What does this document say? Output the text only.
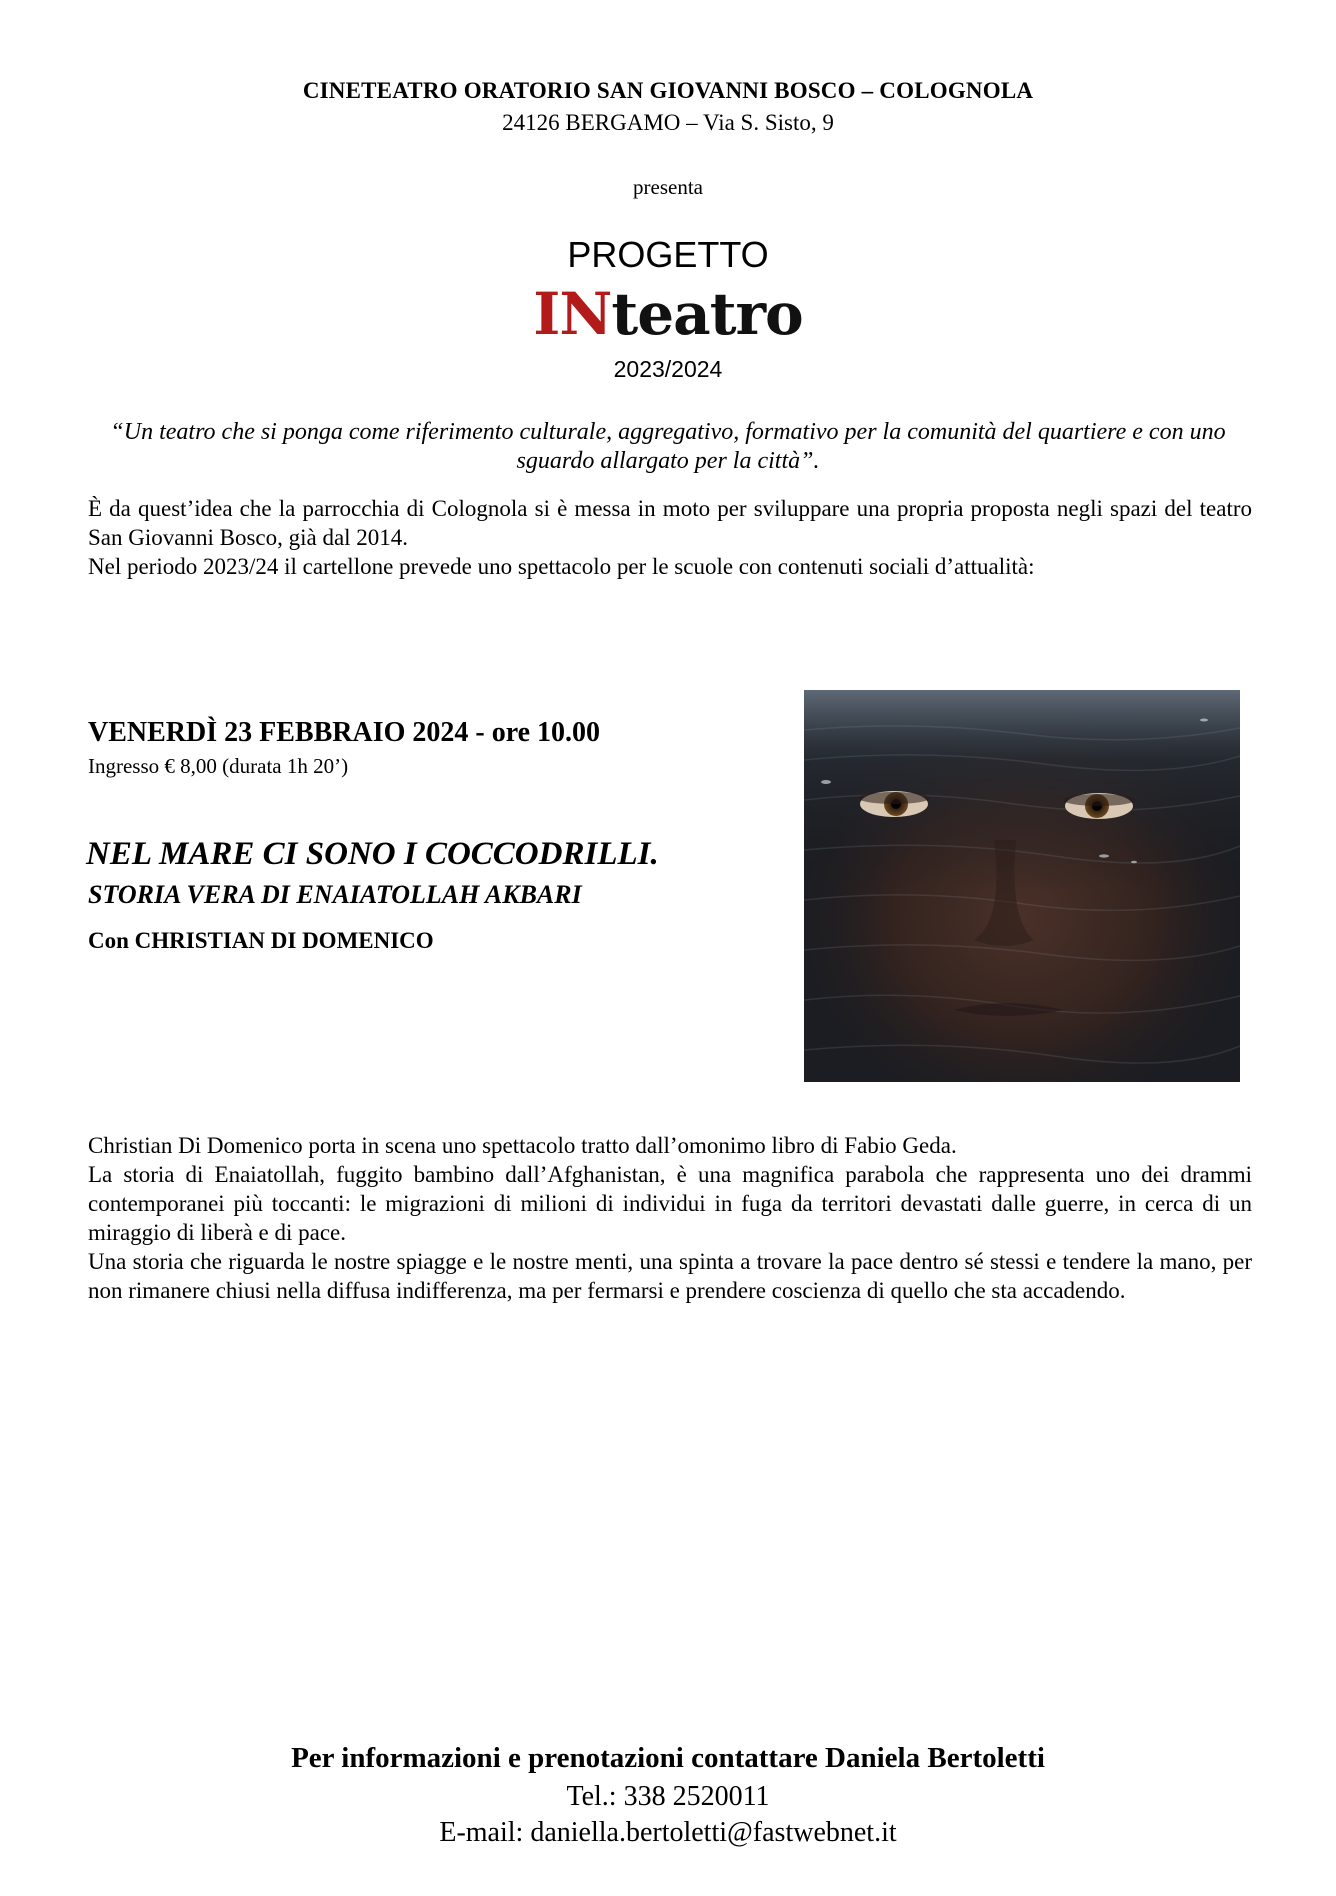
CINETEATRO ORATORIO SAN GIOVANNI BOSCO – COLOGNOLA
24126 BERGAMO – Via S. Sisto, 9
presenta
PROGETTO
INteatro
2023/2024
“Un teatro che si ponga come riferimento culturale, aggregativo, formativo per la comunità del quartiere e con uno sguardo allargato per la città”.

È da quest’idea che la parrocchia di Colognola si è messa in moto per sviluppare una propria proposta negli spazi del teatro San Giovanni Bosco, già dal 2014.

Nel periodo 2023/24 il cartellone prevede uno spettacolo per le scuole con contenuti sociali d’attualità:

VENERDÌ 23 FEBBRAIO 2024 - ore 10.00
Ingresso € 8,00 (durata 1h 20’)
NEL MARE CI SONO I COCCODRILLI.
STORIA VERA DI ENAIATOLLAH AKBARI
Con CHRISTIAN DI DOMENICO

Christian Di Domenico porta in scena uno spettacolo tratto dall’omonimo libro di Fabio Geda.

La storia di Enaiatollah, fuggito bambino dall’Afghanistan, è una magnifica parabola che rappresenta uno dei drammi contemporanei più toccanti: le migrazioni di milioni di individui in fuga da territori devastati dalle guerre, in cerca di un miraggio di liberà e di pace.

Una storia che riguarda le nostre spiagge e le nostre menti, una spinta a trovare la pace dentro sé stessi e tendere la mano, per non rimanere chiusi nella diffusa indifferenza, ma per fermarsi e prendere coscienza di quello che sta accadendo.

Per informazioni e prenotazioni contattare Daniela Bertoletti
Tel.: 338 2520011
E-mail: daniella.bertoletti@fastwebnet.it
